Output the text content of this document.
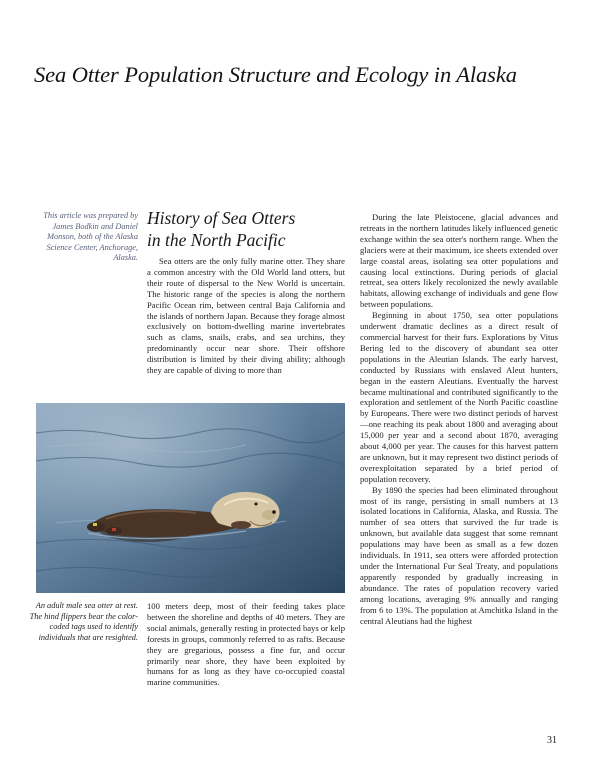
Sea Otter Population Structure and Ecology in Alaska

This article was prepared by James Bodkin and Daniel Monson, both of the Alaska Science Center, Anchorage, Alaska.

History of Sea Otters
in the North Pacific

Sea otters are the only fully marine otter. They share a common ancestry with the Old World land otters, but their route of dispersal to the New World is uncertain. The historic range of the species is along the northern Pacific Ocean rim, between central Baja California and the islands of northern Japan. Because they forage almost exclusively on bottom-dwelling marine invertebrates such as clams, snails, crabs, and sea urchins, they predominantly occur near shore. Their offshore distribution is limited by their diving ability; although they are capable of diving to more than

An adult male sea otter at rest. The hind flippers bear the color-coded tags used to identify individuals that are resighted.

100 meters deep, most of their feeding takes place between the shoreline and depths of 40 meters. They are social animals, generally resting in protected bays or kelp forests in groups, commonly referred to as rafts. Because they are gregarious, possess a fine fur, and occur primarily near shore, they have been exploited by humans for as long as they have co-occupied coastal marine communities.

During the late Pleistocene, glacial advances and retreats in the northern latitudes likely influenced genetic exchange within the sea otter's northern range. When the glaciers were at their maximum, ice sheets extended over large coastal areas, isolating sea otter populations and causing local extinctions. During periods of glacial retreat, sea otters likely recolonized the newly available habitats, allowing exchange of individuals and gene flow between populations.

Beginning in about 1750, sea otter populations underwent dramatic declines as a direct result of commercial harvest for their furs. Explorations by Vitus Bering led to the discovery of abundant sea otter populations in the Aleutian Islands. The early harvest, conducted by Russians with enslaved Aleut hunters, began in the eastern Aleutians. Eventually the harvest became multinational and contributed significantly to the exploration and settlement of the North Pacific coastline by Europeans. There were two distinct periods of harvest—one reaching its peak about 1800 and averaging about 15,000 per year and a second about 1870, averaging about 4,000 per year. The causes for this harvest pattern are unknown, but it may represent two distinct periods of overexploitation separated by a brief period of population recovery.

By 1890 the species had been eliminated throughout most of its range, persisting in small numbers at 13 isolated locations in California, Alaska, and Russia. The number of sea otters that survived the fur trade is unknown, but available data suggest that some remnant populations may have been as small as a few dozen individuals. In 1911, sea otters were afforded protection under the International Fur Seal Treaty, and populations apparently responded by gradually increasing in abundance. The rates of population recovery varied among locations, averaging 9% annually and ranging from 6 to 13%. The population at Amchitka Island in the central Aleutians had the highest

31
